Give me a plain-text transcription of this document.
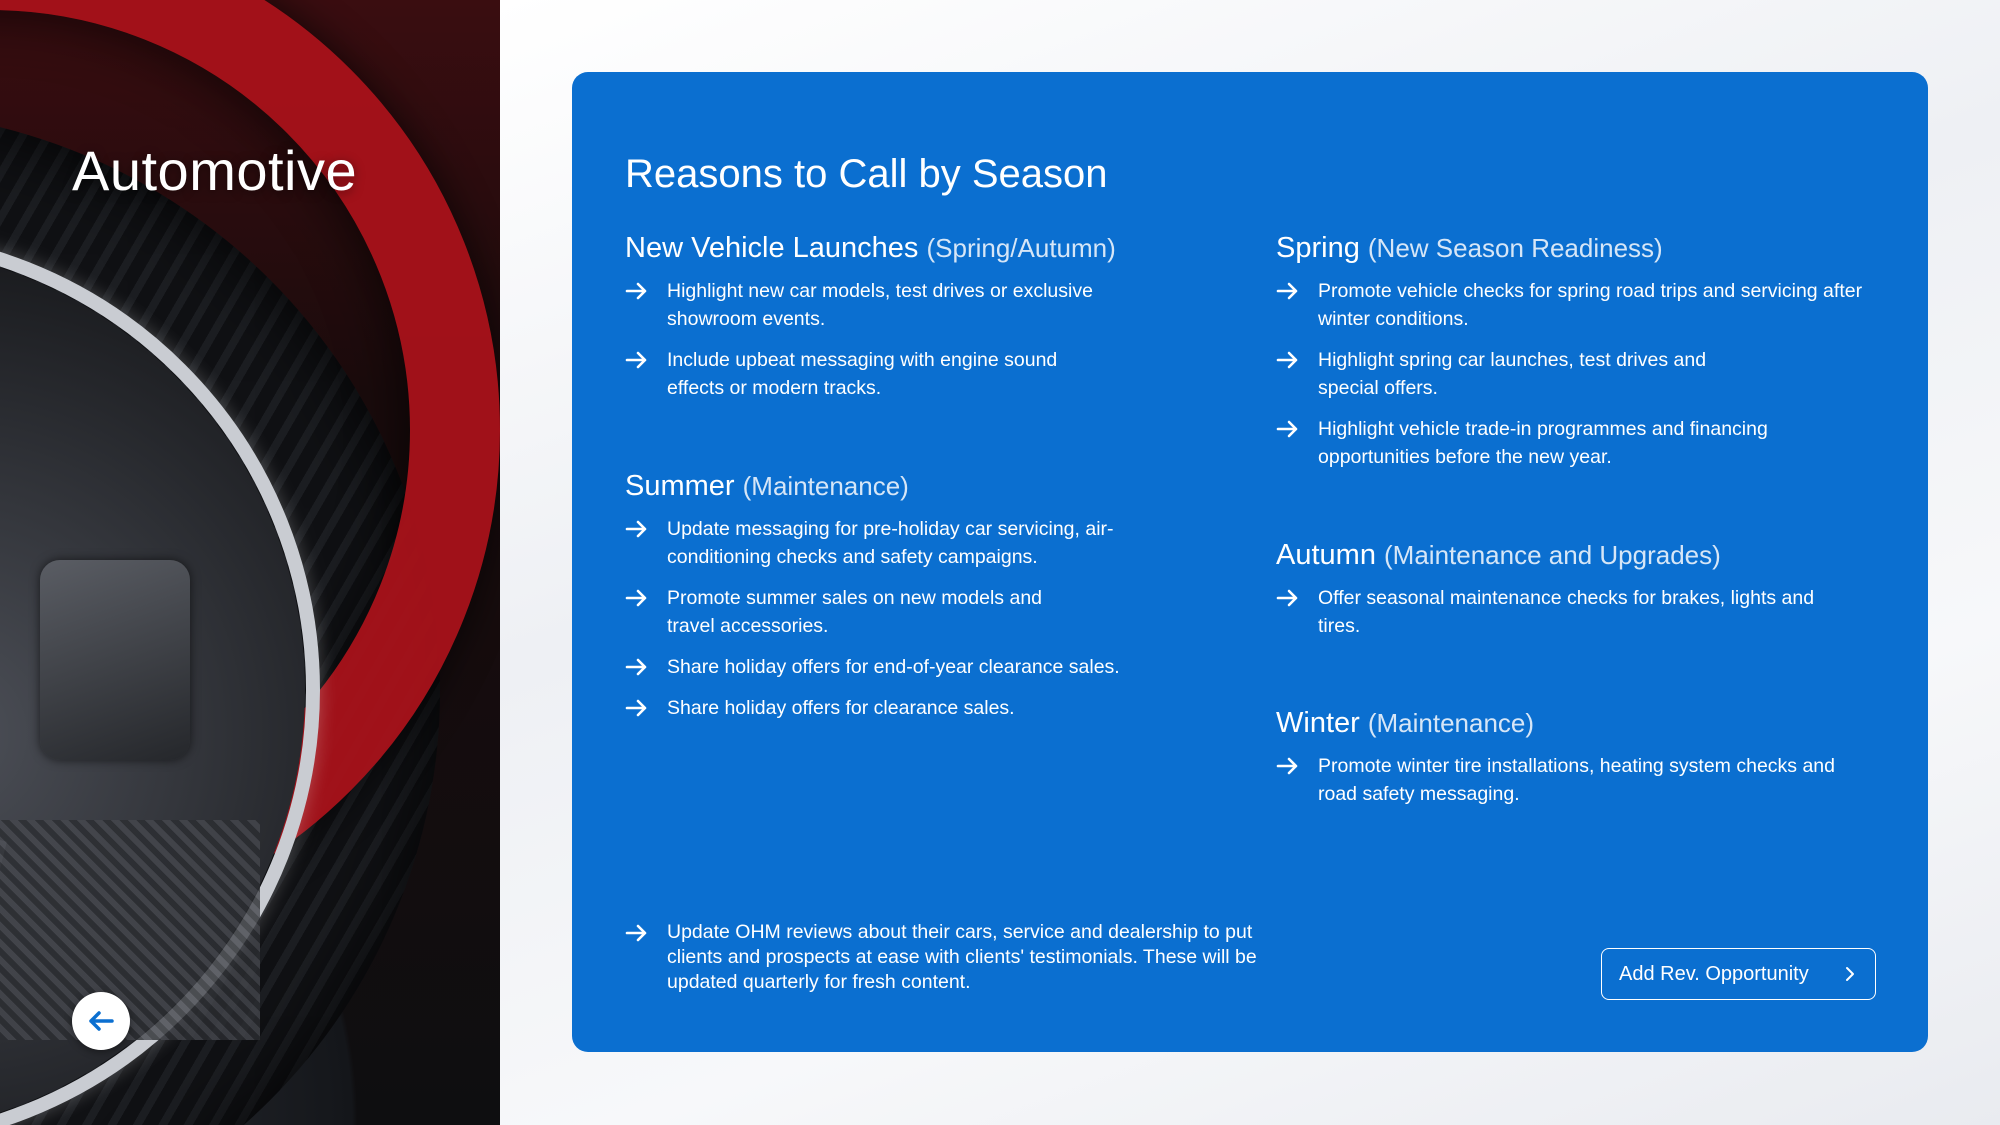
Automotive	Reasons to Call by Season
New Vehicle Launches (Spring/Autumn)
Highlight new car models, test drives or exclusive showroom events.
Include upbeat messaging with engine sound effects or modern tracks.
Summer (Maintenance)
Update messaging for pre-holiday car servicing, air-conditioning checks and safety campaigns.
Promote summer sales on new models and travel accessories.
Share holiday offers for end-of-year clearance sales.
Share holiday offers for clearance sales.
Spring (New Season Readiness)
Promote vehicle checks for spring road trips and servicing after winter conditions.
Highlight spring car launches, test drives and special offers.
Highlight vehicle trade-in programmes and financing opportunities before the new year.
Autumn (Maintenance and Upgrades)
Offer seasonal maintenance checks for brakes, lights and tires.
Winter (Maintenance)
Promote winter tire installations, heating system checks and road safety messaging.
Update OHM reviews about their cars, service and dealership to put clients and prospects at ease with clients' testimonials. These will be updated quarterly for fresh content.	Add Rev. Opportunity
